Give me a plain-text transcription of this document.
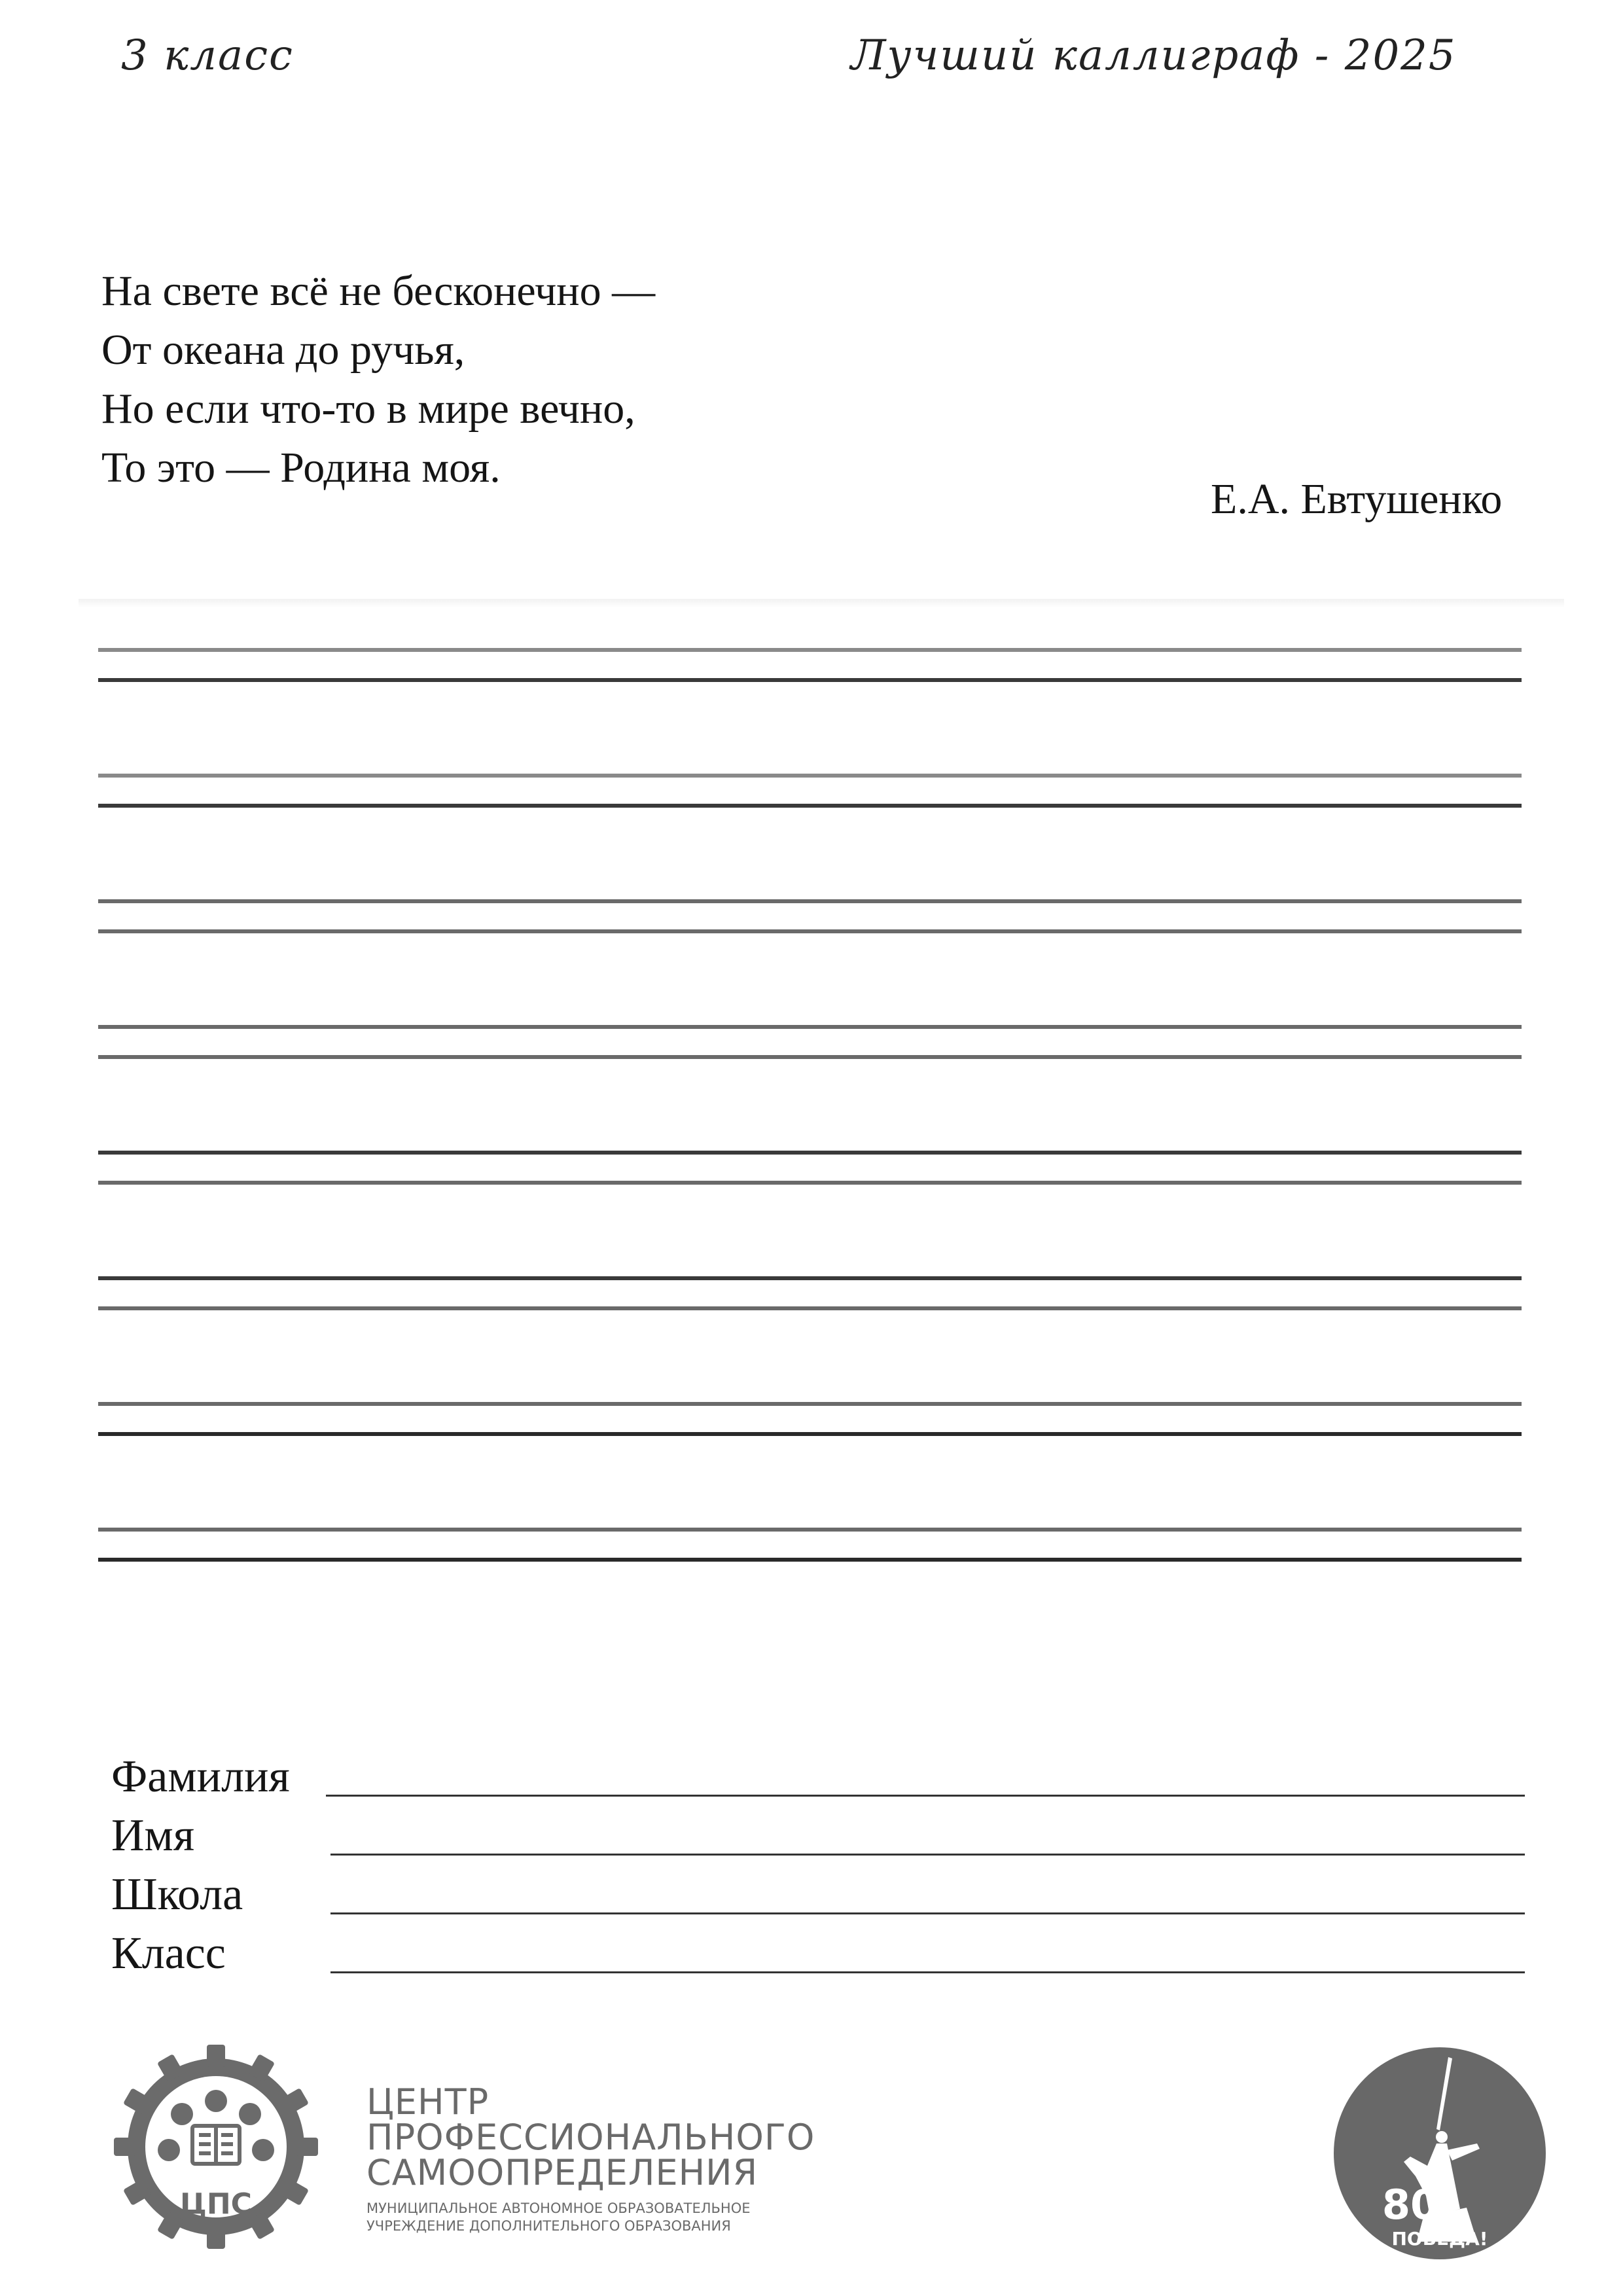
3 класс	Лучший каллиграф - 2025
На свете всё не бесконечно —
От океана до ручья,
Но если что-то в мире вечно,
То это — Родина моя.
Е.А. Евтушенко
Фамилия
Имя
Школа
Класс
ЦПС
ЦЕНТР
ПРОФЕССИОНАЛЬНОГО
САМООПРЕДЕЛЕНИЯ
МУНИЦИПАЛЬНОЕ АВТОНОМНОЕ ОБРАЗОВАТЕЛЬНОЕ
УЧРЕЖДЕНИЕ ДОПОЛНИТЕЛЬНОГО ОБРАЗОВАНИЯ	80
ПОБЕДА!
